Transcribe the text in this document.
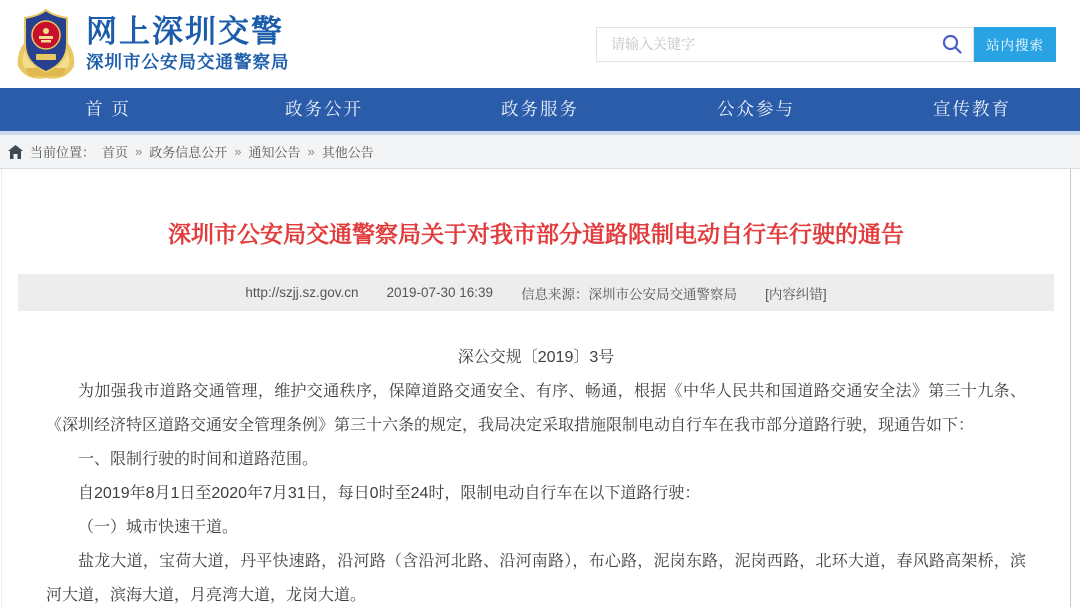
网上深圳交警
深圳市公安局交通警察局
请输入关键字
站内搜索
首 页	政务公开	政务服务	公众参与	宣传教育
当前位置： 首页 » 政务信息公开 » 通知公告 » 其他公告
深圳市公安局交通警察局关于对我市部分道路限制电动自行车行驶的通告
http://szjj.sz.gov.cn 2019-07-30 16:39 信息来源：深圳市公安局交通警察局 [内容纠错]

深公交规〔2019〕3号

为加强我市道路交通管理，维护交通秩序，保障道路交通安全、有序、畅通，根据《中华人民共和国道路交通安全法》第三十九条、《深圳经济特区道路交通安全管理条例》第三十六条的规定，我局决定采取措施限制电动自行车在我市部分道路行驶，现通告如下：

一、限制行驶的时间和道路范围。

自2019年8月1日至2020年7月31日，每日0时至24时，限制电动自行车在以下道路行驶：

（一）城市快速干道。

盐龙大道，宝荷大道，丹平快速路，沿河路（含沿河北路、沿河南路），布心路，泥岗东路，泥岗西路，北环大道，春风路高架桥，滨河大道，滨海大道，月亮湾大道，龙岗大道。
